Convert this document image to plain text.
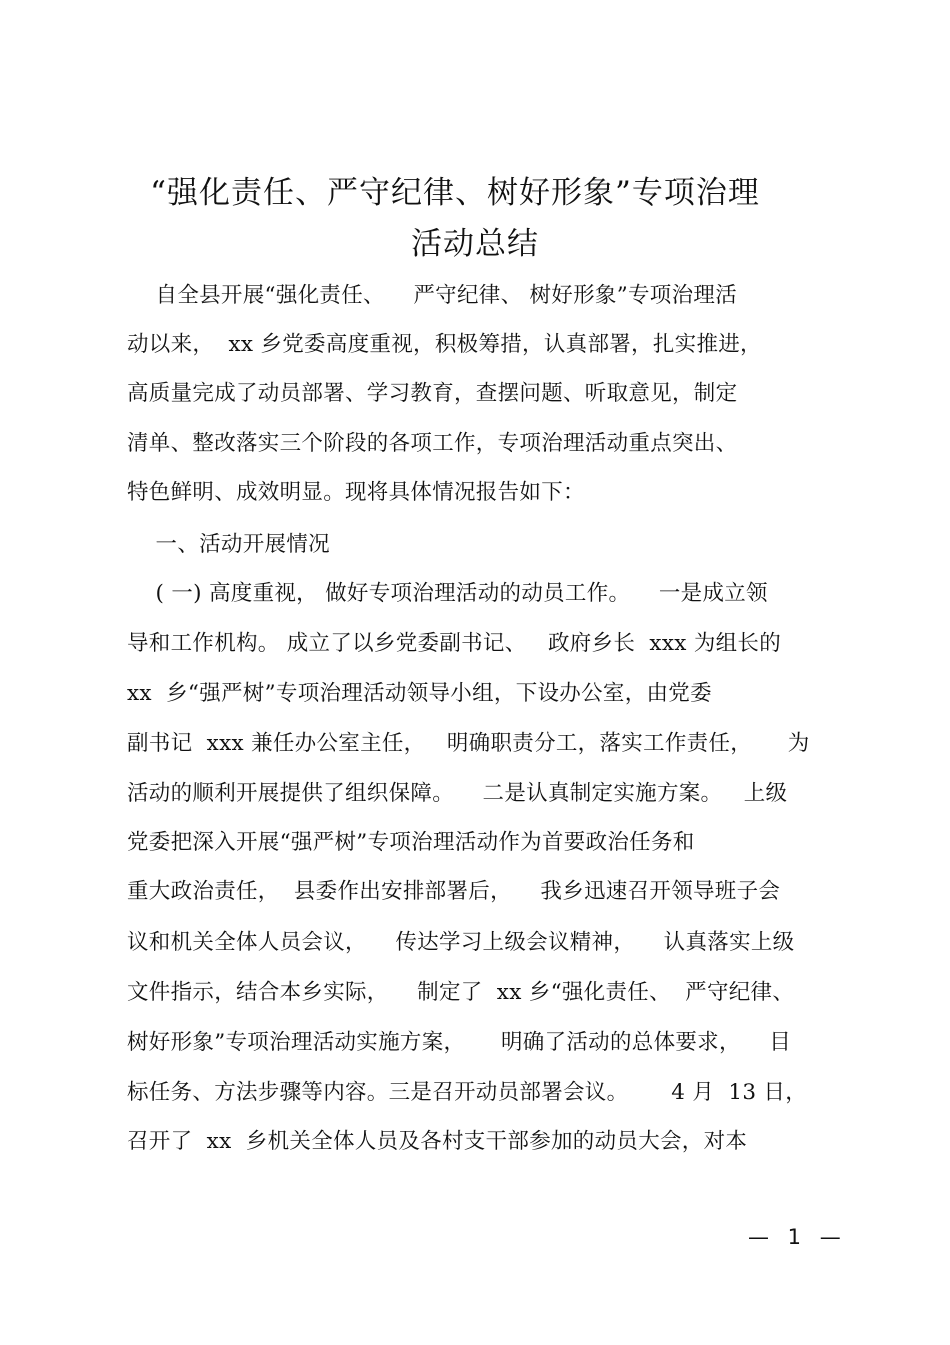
“强化责任、严守纪律、树好形象”专项治理
活动总结
自全县开展“强化责任、    严守纪律、 树好形象”专项治理活
动以来，  xx 乡党委高度重视，积极筹措，认真部署，扎实推进，
高质量完成了动员部署、学习教育，查摆问题、听取意见，制定
清单、整改落实三个阶段的各项工作，专项治理活动重点突出、
特色鲜明、成效明显。现将具体情况报告如下：
一、活动开展情况
( 一) 高度重视， 做好专项治理活动的动员工作。    一是成立领
导和工作机构。 成立了以乡党委副书记、   政府乡长  xxx 为组长的
xx  乡“强严树”专项治理活动领导小组，下设办公室，由党委
副书记  xxx 兼任办公室主任，   明确职责分工，落实工作责任，     为
活动的顺利开展提供了组织保障。    二是认真制定实施方案。   上级
党委把深入开展“强严树”专项治理活动作为首要政治任务和
重大政治责任，  县委作出安排部署后，    我乡迅速召开领导班子会
议和机关全体人员会议，    传达学习上级会议精神，    认真落实上级
文件指示，结合本乡实际，    制定了  xx 乡“强化责任、  严守纪律、
树好形象”专项治理活动实施方案，     明确了活动的总体要求，    目
标任务、方法步骤等内容。三是召开动员部署会议。      4 月  13 日，
召开了  xx  乡机关全体人员及各村支干部参加的动员大会，对本
— 1 —
